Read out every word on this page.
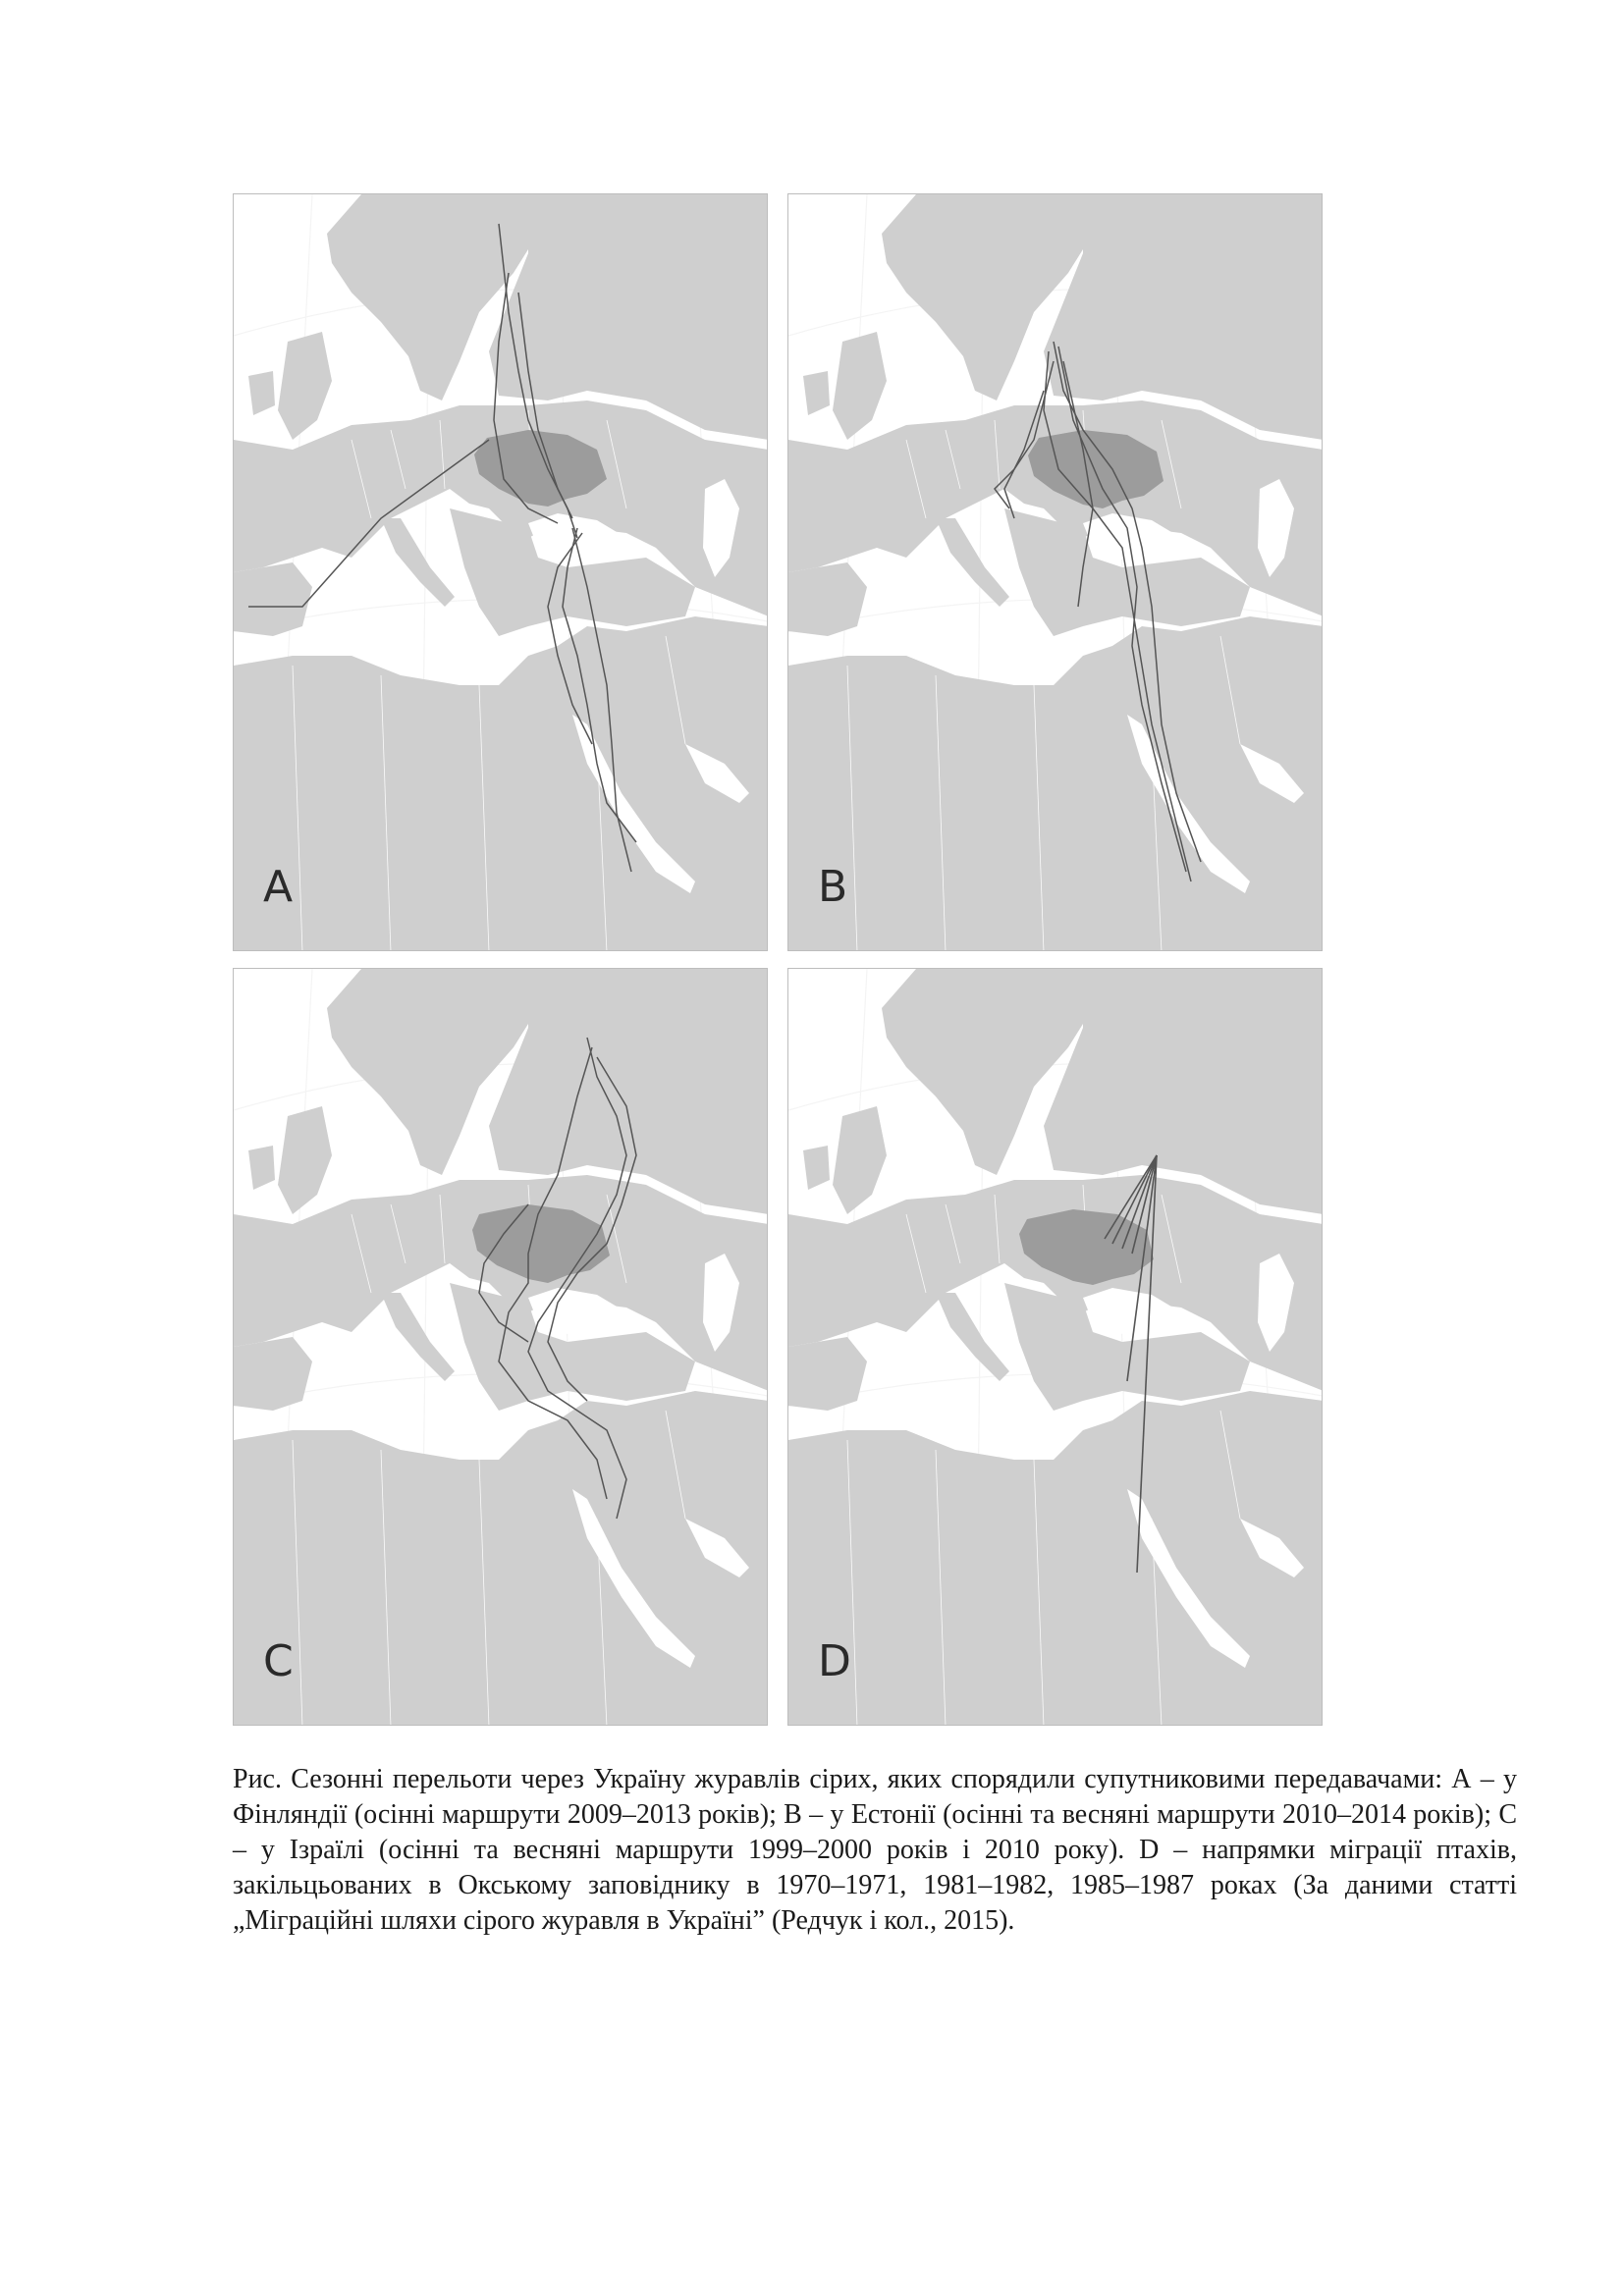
A	B
C	D
Рис. Сезонні перельоти через Україну журавлів сірих, яких спорядили супутниковими передавачами: А – у Фінляндії (осінні маршрути 2009–2013 років); В – у Естонії (осінні та весняні маршрути 2010–2014 років); С – у Ізраїлі (осінні та весняні маршрути 1999–2000 років і 2010 року). D – напрямки міграції птахів, закільцьованих в Окському заповіднику в 1970–1971, 1981–1982, 1985–1987 роках (За даними статті „Міграційні шляхи сірого журавля в Україні” (Редчук і кол., 2015).
